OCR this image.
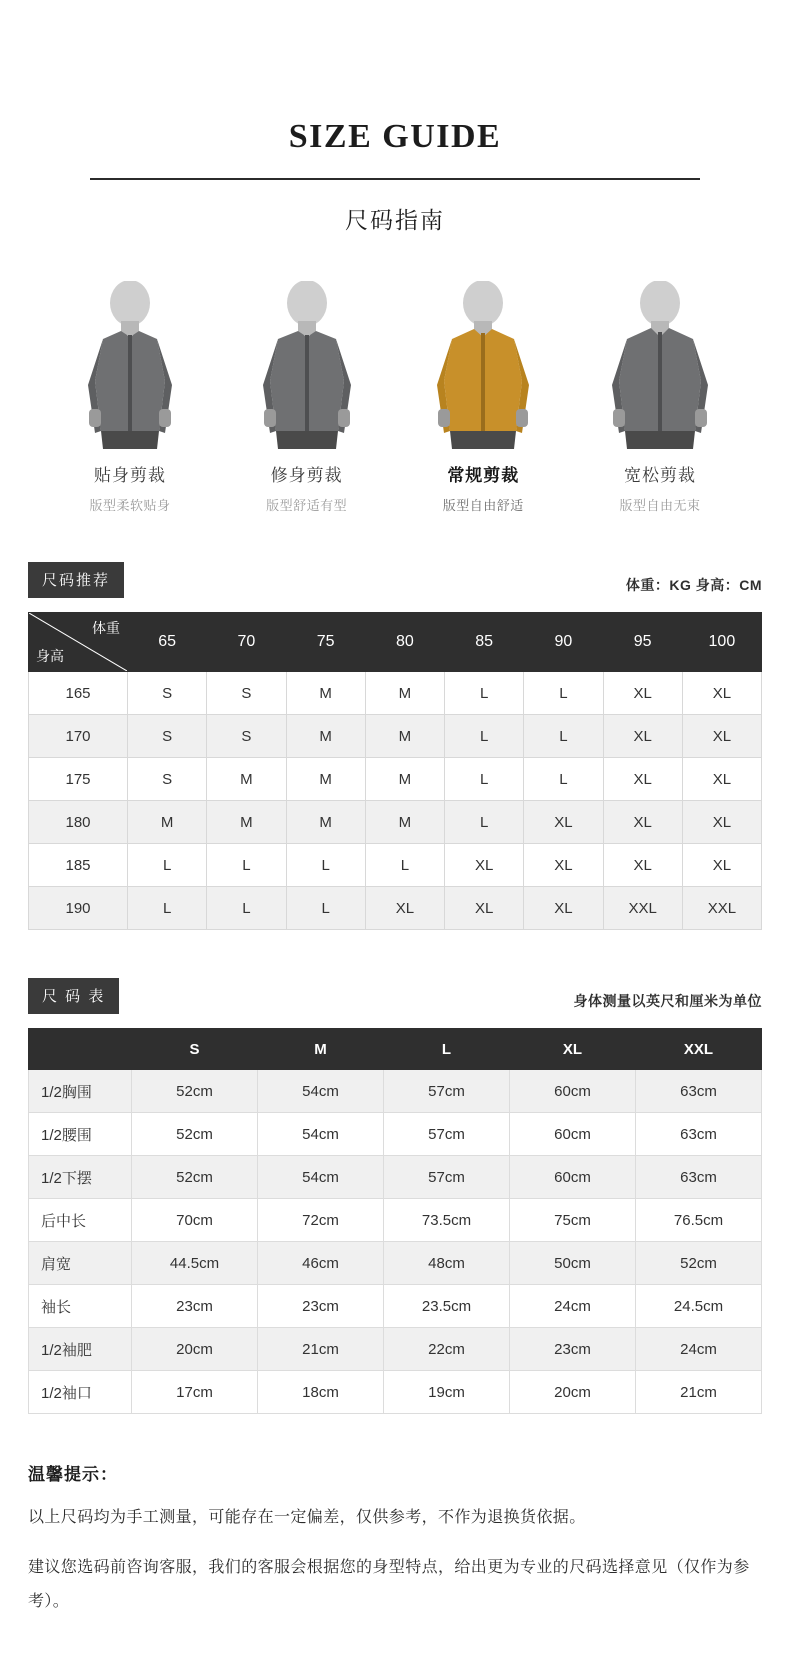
SIZE GUIDE
尺码指南
贴身剪裁
版型柔软贴身
修身剪裁
版型舒适有型
常规剪裁
版型自由舒适
宽松剪裁
版型自由无束
尺码推荐	体重：KG 身高：CM
体重
身高	65	70	75	80	85	90	95	100
165	S	S	M	M	L	L	XL	XL
170	S	S	M	M	L	L	XL	XL
175	S	M	M	M	L	L	XL	XL
180	M	M	M	M	L	XL	XL	XL
185	L	L	L	L	XL	XL	XL	XL
190	L	L	L	XL	XL	XL	XXL	XXL
尺 码 表	身体测量以英尺和厘米为单位
	S	M	L	XL	XXL
1/2胸围	52cm	54cm	57cm	60cm	63cm
1/2腰围	52cm	54cm	57cm	60cm	63cm
1/2下摆	52cm	54cm	57cm	60cm	63cm
后中长	70cm	72cm	73.5cm	75cm	76.5cm
肩宽	44.5cm	46cm	48cm	50cm	52cm
袖长	23cm	23cm	23.5cm	24cm	24.5cm
1/2袖肥	20cm	21cm	22cm	23cm	24cm
1/2袖口	17cm	18cm	19cm	20cm	21cm
温馨提示：
以上尺码均为手工测量，可能存在一定偏差，仅供参考，不作为退换货依据。
建议您选码前咨询客服，我们的客服会根据您的身型特点，给出更为专业的尺码选择意见（仅作为参考）。
